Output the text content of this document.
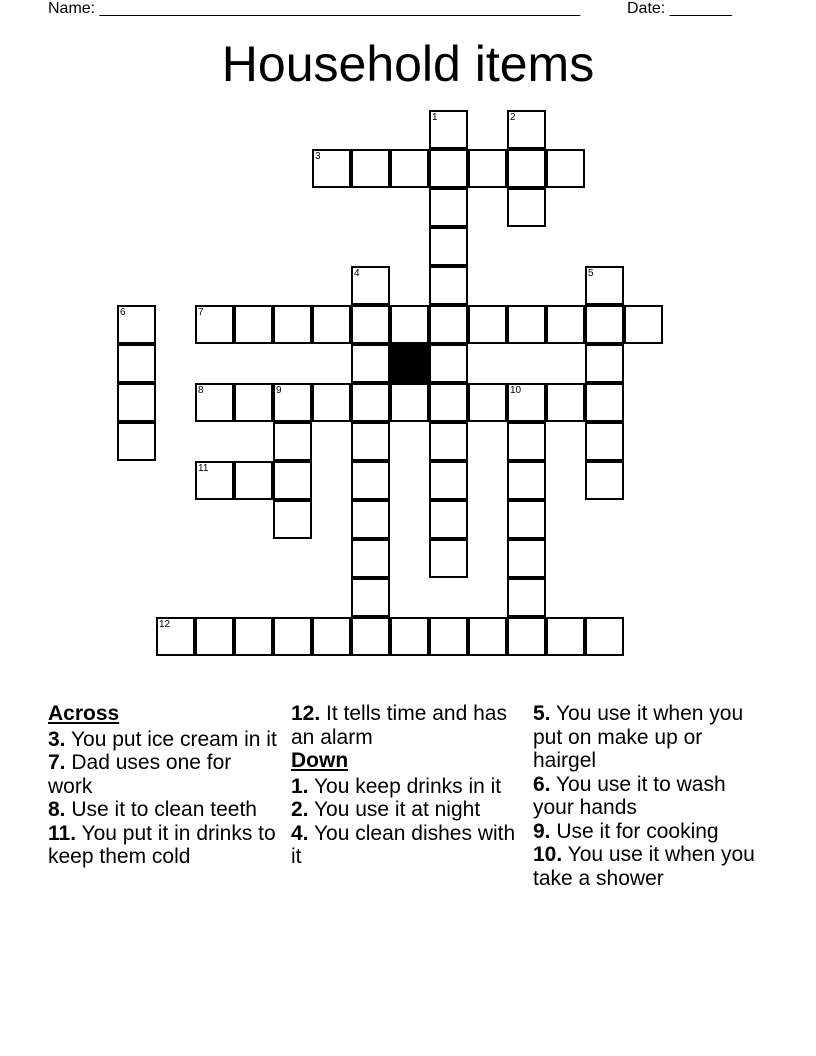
Name: ______________________________________________________	Date: _______
Household items
1	2
3
4	5
6	7
8	9	10
11
12
Across
3. You put ice cream in it
7. Dad uses one for work
8. Use it to clean teeth
11. You put it in drinks to keep them cold
12. It tells time and has an alarm
Down
1. You keep drinks in it
2. You use it at night
4. You clean dishes with it
5. You use it when you put on make up or hairgel
6. You use it to wash your hands
9. Use it for cooking
10. You use it when you take a shower
